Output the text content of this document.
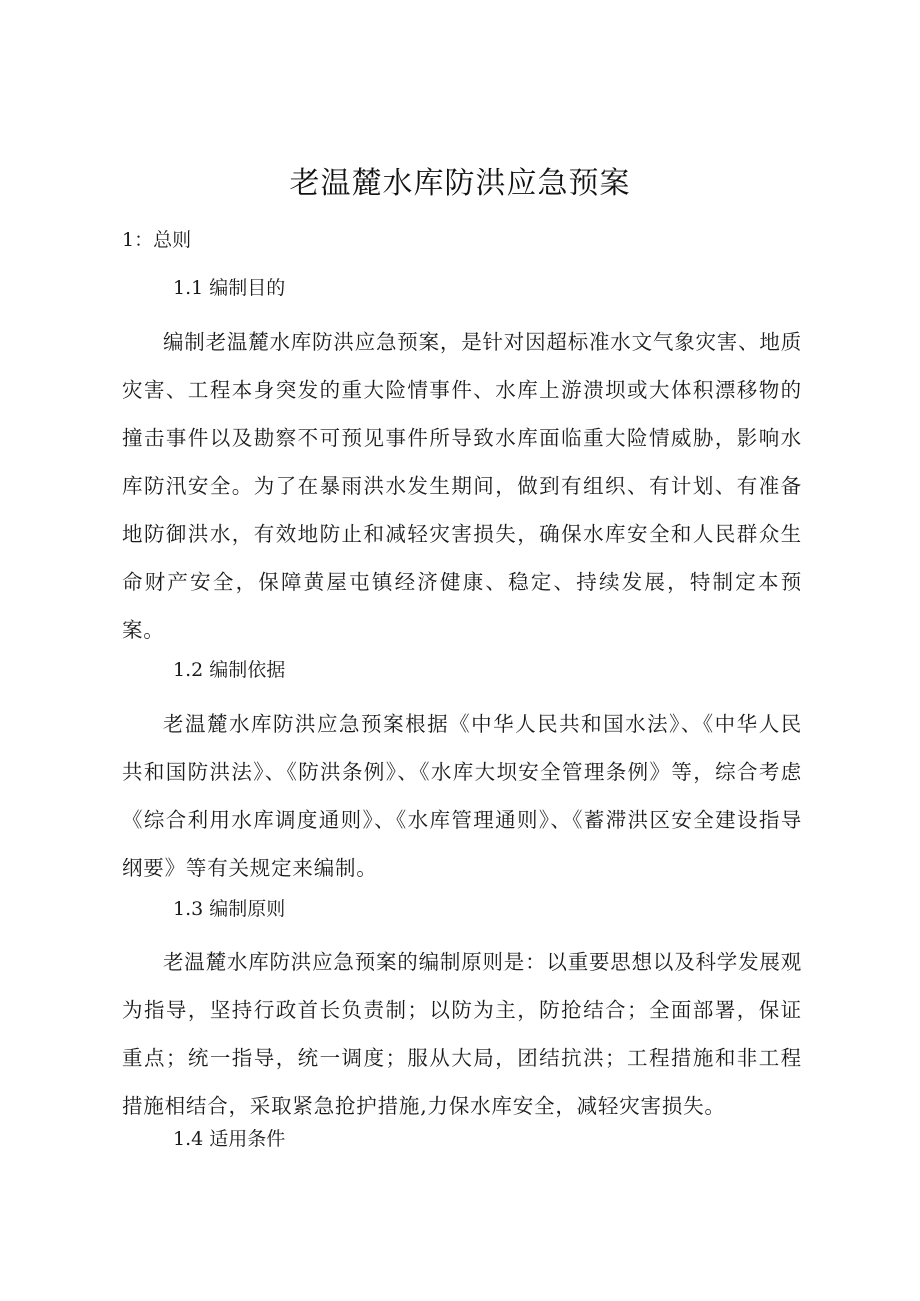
老温麓水库防洪应急预案
1：总则
1.1 编制目的

编制老温麓水库防洪应急预案，是针对因超标准水文气象灾害、地质灾害、工程本身突发的重大险情事件、水库上游溃坝或大体积漂移物的撞击事件以及勘察不可预见事件所导致水库面临重大险情威胁，影响水库防汛安全。为了在暴雨洪水发生期间，做到有组织、有计划、有准备地防御洪水，有效地防止和减轻灾害损失，确保水库安全和人民群众生命财产安全，保障黄屋屯镇经济健康、稳定、持续发展，特制定本预案。

1.2 编制依据

老温麓水库防洪应急预案根据《中华人民共和国水法》、《中华人民共和国防洪法》、《防洪条例》、《水库大坝安全管理条例》等，综合考虑《综合利用水库调度通则》、《水库管理通则》、《蓄滞洪区安全建设指导纲要》等有关规定来编制。

1.3 编制原则

老温麓水库防洪应急预案的编制原则是：以重要思想以及科学发展观为指导，坚持行政首长负责制；以防为主，防抢结合；全面部署，保证重点；统一指导，统一调度；服从大局，团结抗洪；工程措施和非工程措施相结合，采取紧急抢护措施,力保水库安全，减轻灾害损失。

1.4 适用条件
